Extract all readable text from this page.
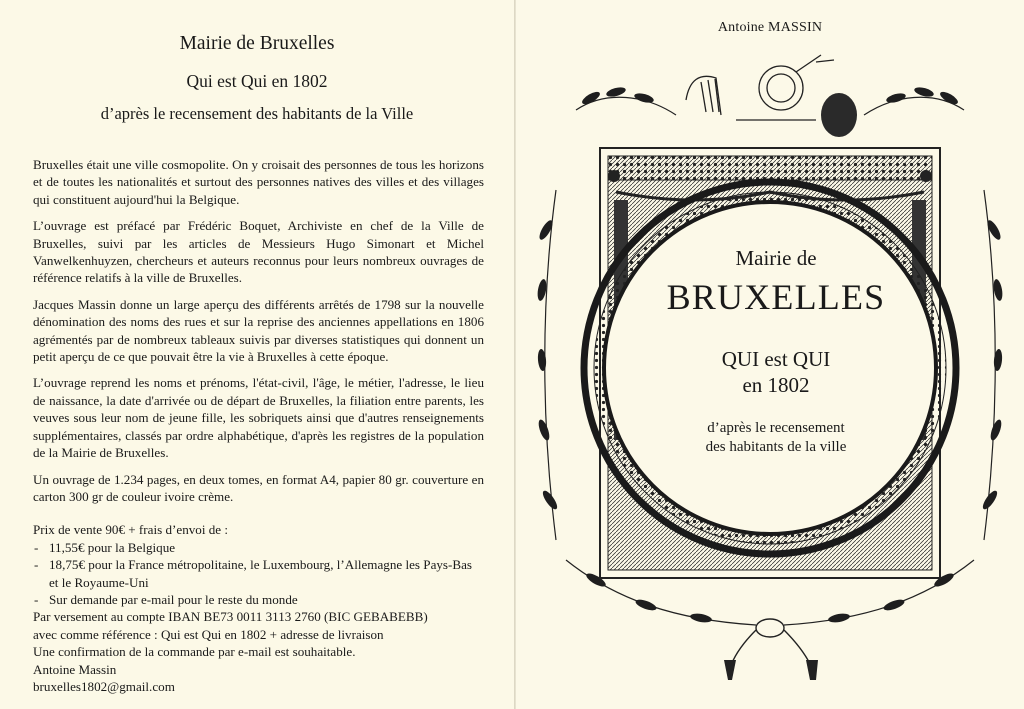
Mairie de Bruxelles
Qui est Qui en 1802
d’après le recensement des habitants de la Ville

Bruxelles était une ville cosmopolite. On y croisait des personnes de tous les horizons et de toutes les nationalités et surtout des personnes natives des villes et des villages qui constituent aujourd'hui la Belgique.

L’ouvrage est préfacé par Frédéric Boquet, Archiviste en chef de la Ville de Bruxelles, suivi par les articles de Messieurs Hugo Simonart et Michel Vanwelkenhuyzen, chercheurs et auteurs reconnus pour leurs nombreux ouvrages de référence relatifs à la ville de Bruxelles.

Jacques Massin donne un large aperçu des différents arrêtés de 1798 sur la nouvelle dénomination des noms des rues et sur la reprise des anciennes appellations en 1806 agrémentés par de nombreux tableaux suivis par diverses statistiques qui donnent un petit aperçu de ce que pouvait être la vie à Bruxelles à cette époque.

L’ouvrage reprend les noms et prénoms, l'état-civil, l'âge, le métier, l'adresse, le lieu de naissance, la date d'arrivée ou de départ de Bruxelles, la filiation entre parents, les veuves sous leur nom de jeune fille, les sobriquets ainsi que d'autres renseignements supplémentaires, classés par ordre alphabétique, d'après les registres de la population de la Mairie de Bruxelles.

Un ouvrage de 1.234 pages, en deux tomes, en format A4, papier 80 gr. couverture en carton 300 gr de couleur ivoire crème.

Prix de vente 90€ + frais d’envoi de :

- 11,55€ pour la Belgique
- 18,75€ pour la France métropolitaine, le Luxembourg, l’Allemagne les Pays-Bas et le Royaume-Uni
- Sur demande par e-mail pour le reste du monde

Par versement au compte IBAN BE73 0011 3113 2760 (BIC GEBABEBB)

avec comme référence : Qui est Qui en 1802 + adresse de livraison

Une confirmation de la commande par e-mail est souhaitable.

Antoine Massin

bruxelles1802@gmail.com

Antoine MASSIN
Mairie de
BRUXELLES
QUI est QUI
en 1802
d’après le recensement
des habitants de la ville
